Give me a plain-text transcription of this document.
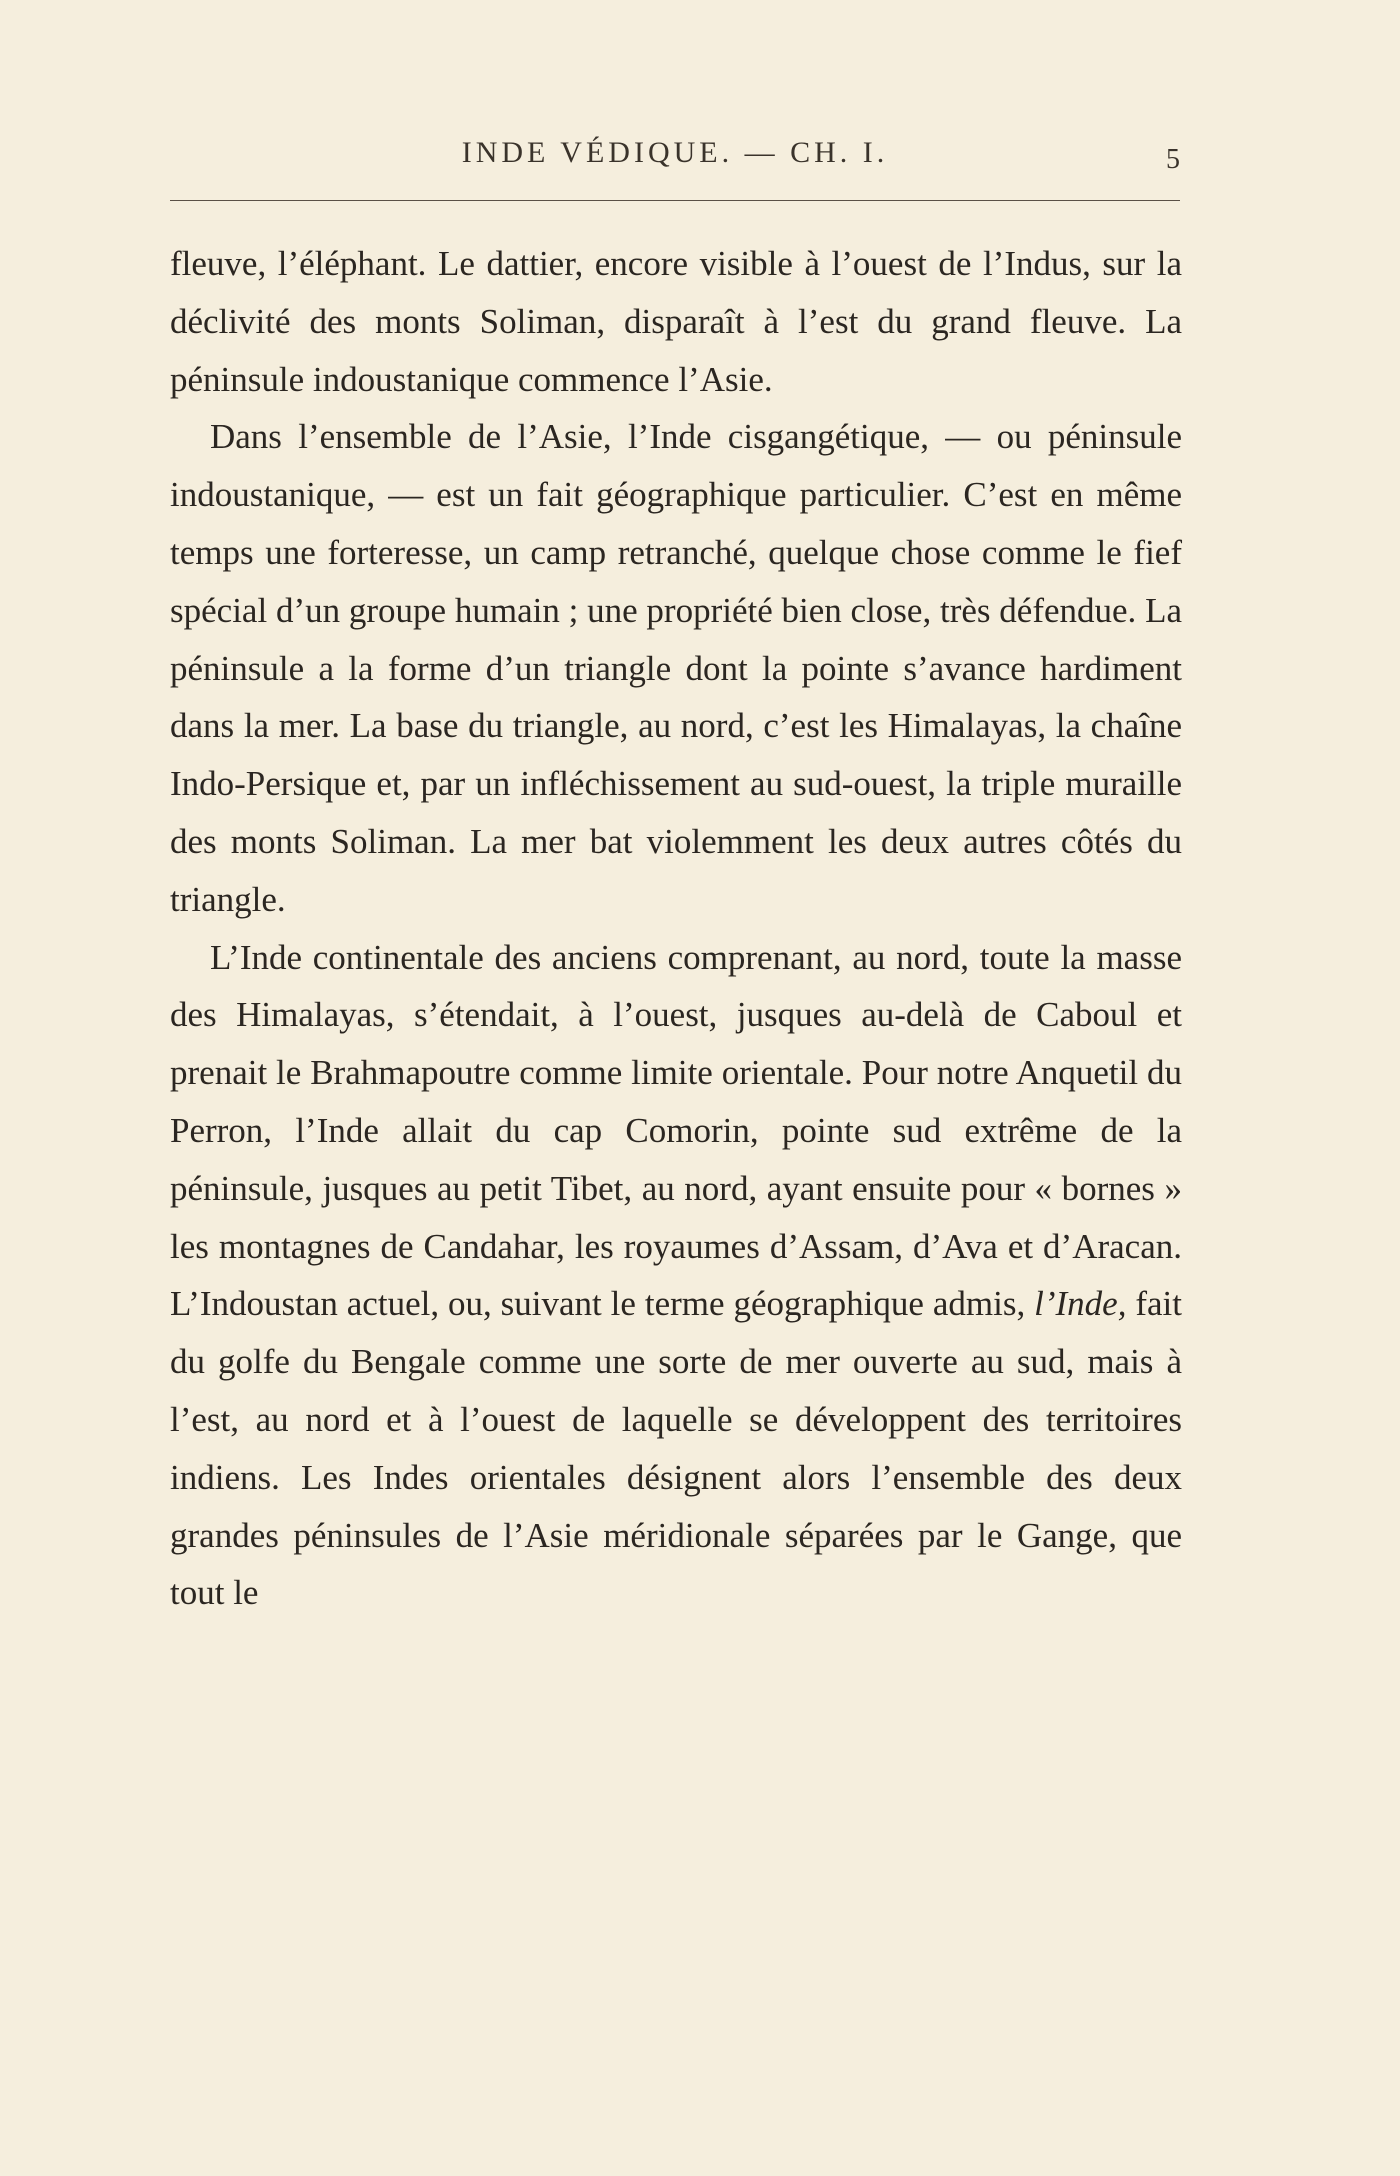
INDE VÉDIQUE. — CH. I.	5

fleuve, l’éléphant. Le dattier, encore visible à l’ouest de l’Indus, sur la déclivité des monts Soliman, disparaît à l’est du grand fleuve. La péninsule indoustanique commence l’Asie.

Dans l’ensemble de l’Asie, l’Inde cisgangétique, — ou péninsule indoustanique, — est un fait géographique particulier. C’est en même temps une forteresse, un camp retranché, quelque chose comme le fief spécial d’un groupe humain ; une propriété bien close, très défendue. La péninsule a la forme d’un triangle dont la pointe s’avance hardiment dans la mer. La base du triangle, au nord, c’est les Himalayas, la chaîne Indo-Persique et, par un infléchissement au sud-ouest, la triple muraille des monts Soliman. La mer bat violemment les deux autres côtés du triangle.

L’Inde continentale des anciens comprenant, au nord, toute la masse des Himalayas, s’étendait, à l’ouest, jusques au-delà de Caboul et prenait le Brahmapoutre comme limite orientale. Pour notre Anquetil du Perron, l’Inde allait du cap Comorin, pointe sud extrême de la péninsule, jusques au petit Tibet, au nord, ayant ensuite pour « bornes » les montagnes de Candahar, les royaumes d’Assam, d’Ava et d’Aracan. L’Indoustan actuel, ou, suivant le terme géographique admis, l’Inde, fait du golfe du Bengale comme une sorte de mer ouverte au sud, mais à l’est, au nord et à l’ouest de laquelle se développent des territoires indiens. Les Indes orientales désignent alors l’ensemble des deux grandes péninsules de l’Asie méridionale séparées par le Gange, que tout le
